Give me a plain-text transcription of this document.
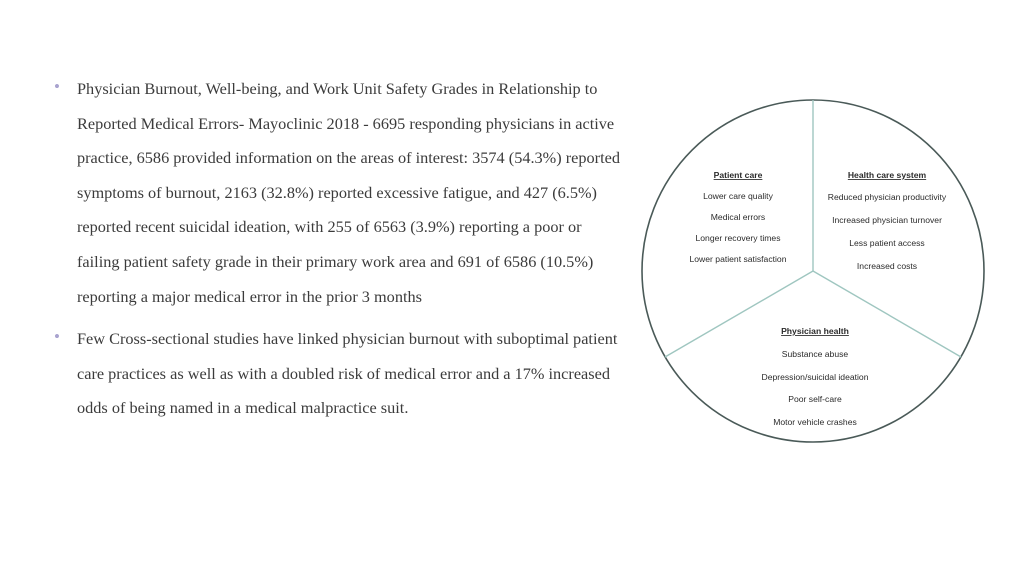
• Physician Burnout, Well-being, and Work Unit Safety Grades in Relationship to Reported Medical Errors- Mayoclinic 2018 - 6695 responding physicians in active practice, 6586 provided information on the areas of interest: 3574 (54.3%) reported symptoms of burnout, 2163 (32.8%) reported excessive fatigue, and 427 (6.5%) reported recent suicidal ideation, with 255 of 6563 (3.9%) reporting a poor or failing patient safety grade in their primary work area and 691 of 6586 (10.5%) reporting a major medical error in the prior 3 months
• Few Cross-sectional studies have linked physician burnout with suboptimal patient care practices as well as with a doubled risk of medical error and a 17% increased odds of being named in a medical malpractice suit.
Patient care
Lower care quality
Medical errors
Longer recovery times
Lower patient satisfaction
Health care system
Reduced physician productivity
Increased physician turnover
Less patient access
Increased costs
Physician health
Substance abuse
Depression/suicidal ideation
Poor self-care
Motor vehicle crashes
